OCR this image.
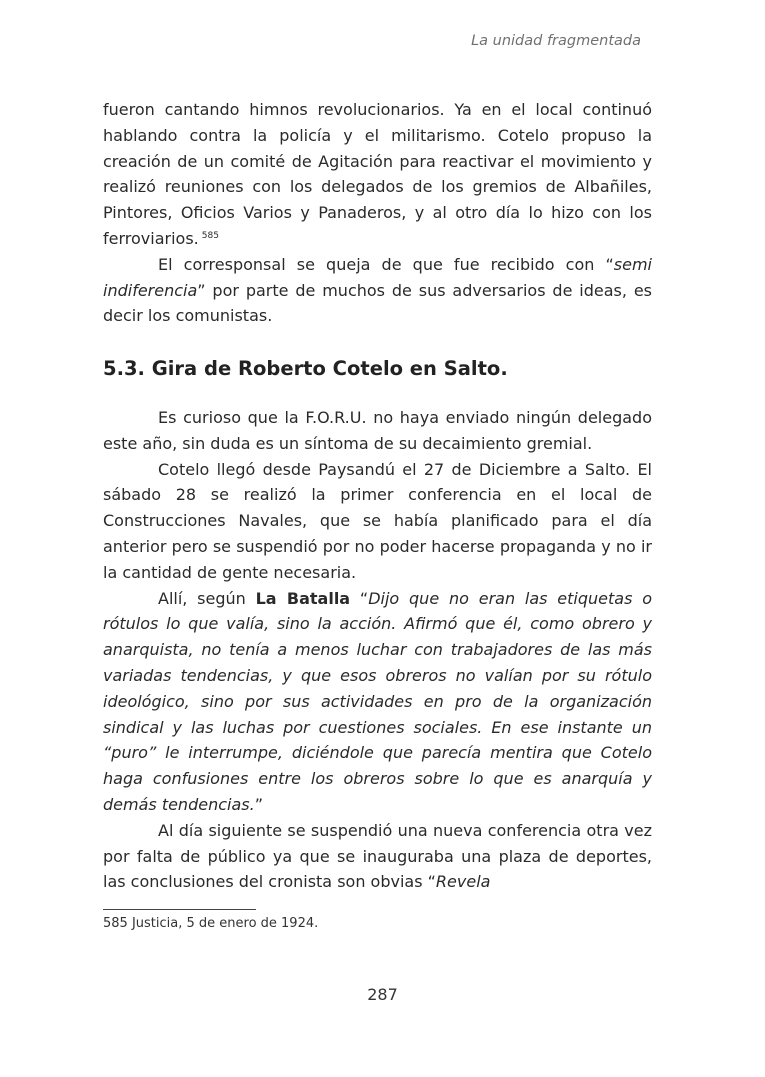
La unidad fragmentada

fueron cantando himnos revolucionarios. Ya en el local continuó hablando contra la policía y el militarismo. Cotelo propuso la creación de un comité de Agitación para reactivar el movimiento y realizó reuniones con los delegados de los gremios de Albañiles, Pintores, Oficios Varios y Panaderos, y al otro día lo hizo con los ferroviarios. $^{585}$

El corresponsal se queja de que fue recibido con “semi indiferencia” por parte de muchos de sus adversarios de ideas, es decir los comunistas.

5.3. Gira de Roberto Cotelo en Salto.

Es curioso que la F.O.R.U. no haya enviado ningún delegado este año, sin duda es un síntoma de su decaimiento gremial.

Cotelo llegó desde Paysandú el 27 de Diciembre a Salto. El sábado 28 se realizó la primer conferencia en el local de Construcciones Navales, que se había planificado para el día anterior pero se suspendió por no poder hacerse propaganda y no ir la cantidad de gente necesaria.

Allí, según La Batalla “Dijo que no eran las etiquetas o rótulos lo que valía, sino la acción. Afirmó que él, como obrero y anarquista, no tenía a menos luchar con trabajadores de las más variadas tendencias, y que esos obreros no valían por su rótulo ideológico, sino por sus actividades en pro de la organización sindical y las luchas por cuestiones sociales. En ese instante un “puro” le interrumpe, diciéndole que parecía mentira que Cotelo haga confusiones entre los obreros sobre lo que es anarquía y demás tendencias.”

Al día siguiente se suspendió una nueva conferencia otra vez por falta de público ya que se inauguraba una plaza de deportes, las conclusiones del cronista son obvias “Revela

585 Justicia, 5 de enero de 1924.
287
